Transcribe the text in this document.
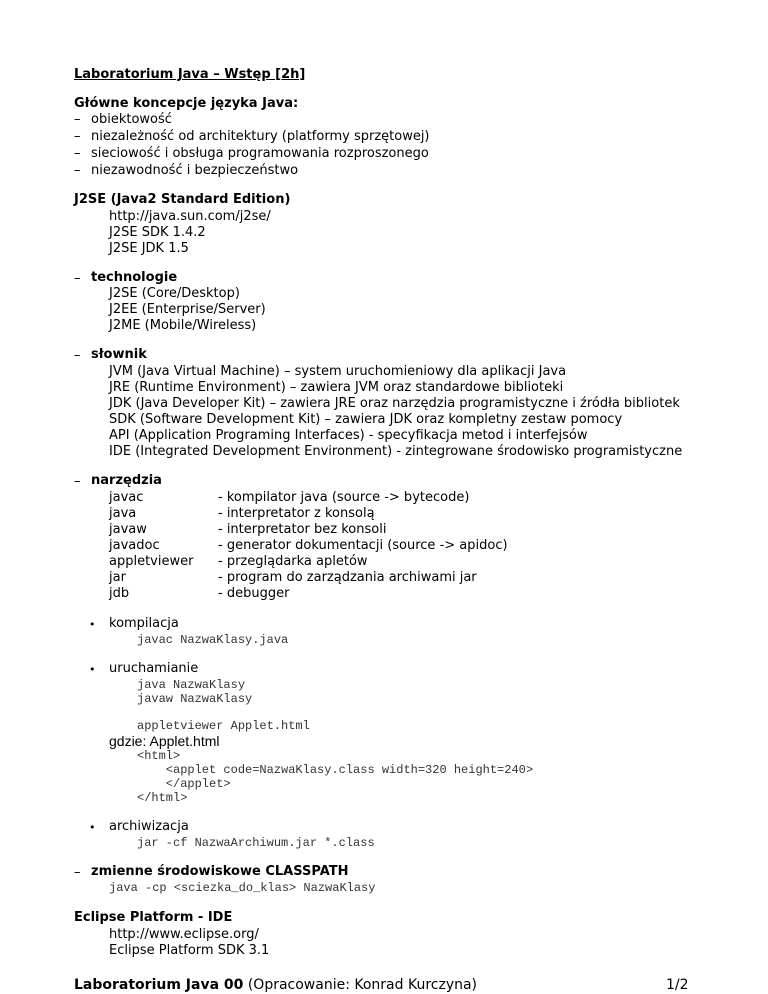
Laboratorium Java – Wstęp [2h]
Główne koncepcje języka Java:
– obiektowość
– niezależność od architektury (platformy sprzętowej)
– sieciowość i obsługa programowania rozproszonego
– niezawodność i bezpieczeństwo
J2SE (Java2 Standard Edition)
http://java.sun.com/j2se/
J2SE SDK 1.4.2
J2SE JDK 1.5
– technologie
J2SE (Core/Desktop)
J2EE (Enterprise/Server)
J2ME (Mobile/Wireless)
– słownik
JVM (Java Virtual Machine) – system uruchomieniowy dla aplikacji Java
JRE (Runtime Environment) – zawiera JVM oraz standardowe biblioteki
JDK (Java Developer Kit) – zawiera JRE oraz narzędzia programistyczne i źródła bibliotek
SDK (Software Development Kit) – zawiera JDK oraz kompletny zestaw pomocy
API (Application Programing Interfaces) - specyfikacja metod i interfejsów
IDE (Integrated Development Environment) - zintegrowane środowisko programistyczne
– narzędzia
javac	- kompilator java (source -> bytecode)
java	- interpretator z konsolą
javaw	- interpretator bez konsoli
javadoc	- generator dokumentacji (source -> apidoc)
appletviewer - przeglądarka apletów
jar	- program do zarządzania archiwami jar
jdb	- debugger
• kompilacja
javac NazwaKlasy.java
• uruchamianie
java NazwaKlasy
javaw NazwaKlasy
appletviewer Applet.html
gdzie: Applet.html
<html>
<applet code=NazwaKlasy.class width=320 height=240>
</applet>
</html>
• archiwizacja
jar -cf NazwaArchiwum.jar *.class
– zmienne środowiskowe CLASSPATH
java -cp <sciezka_do_klas> NazwaKlasy
Eclipse Platform - IDE
http://www.eclipse.org/
Eclipse Platform SDK 3.1
Laboratorium Java 00 (Opracowanie: Konrad Kurczyna)	1/2
